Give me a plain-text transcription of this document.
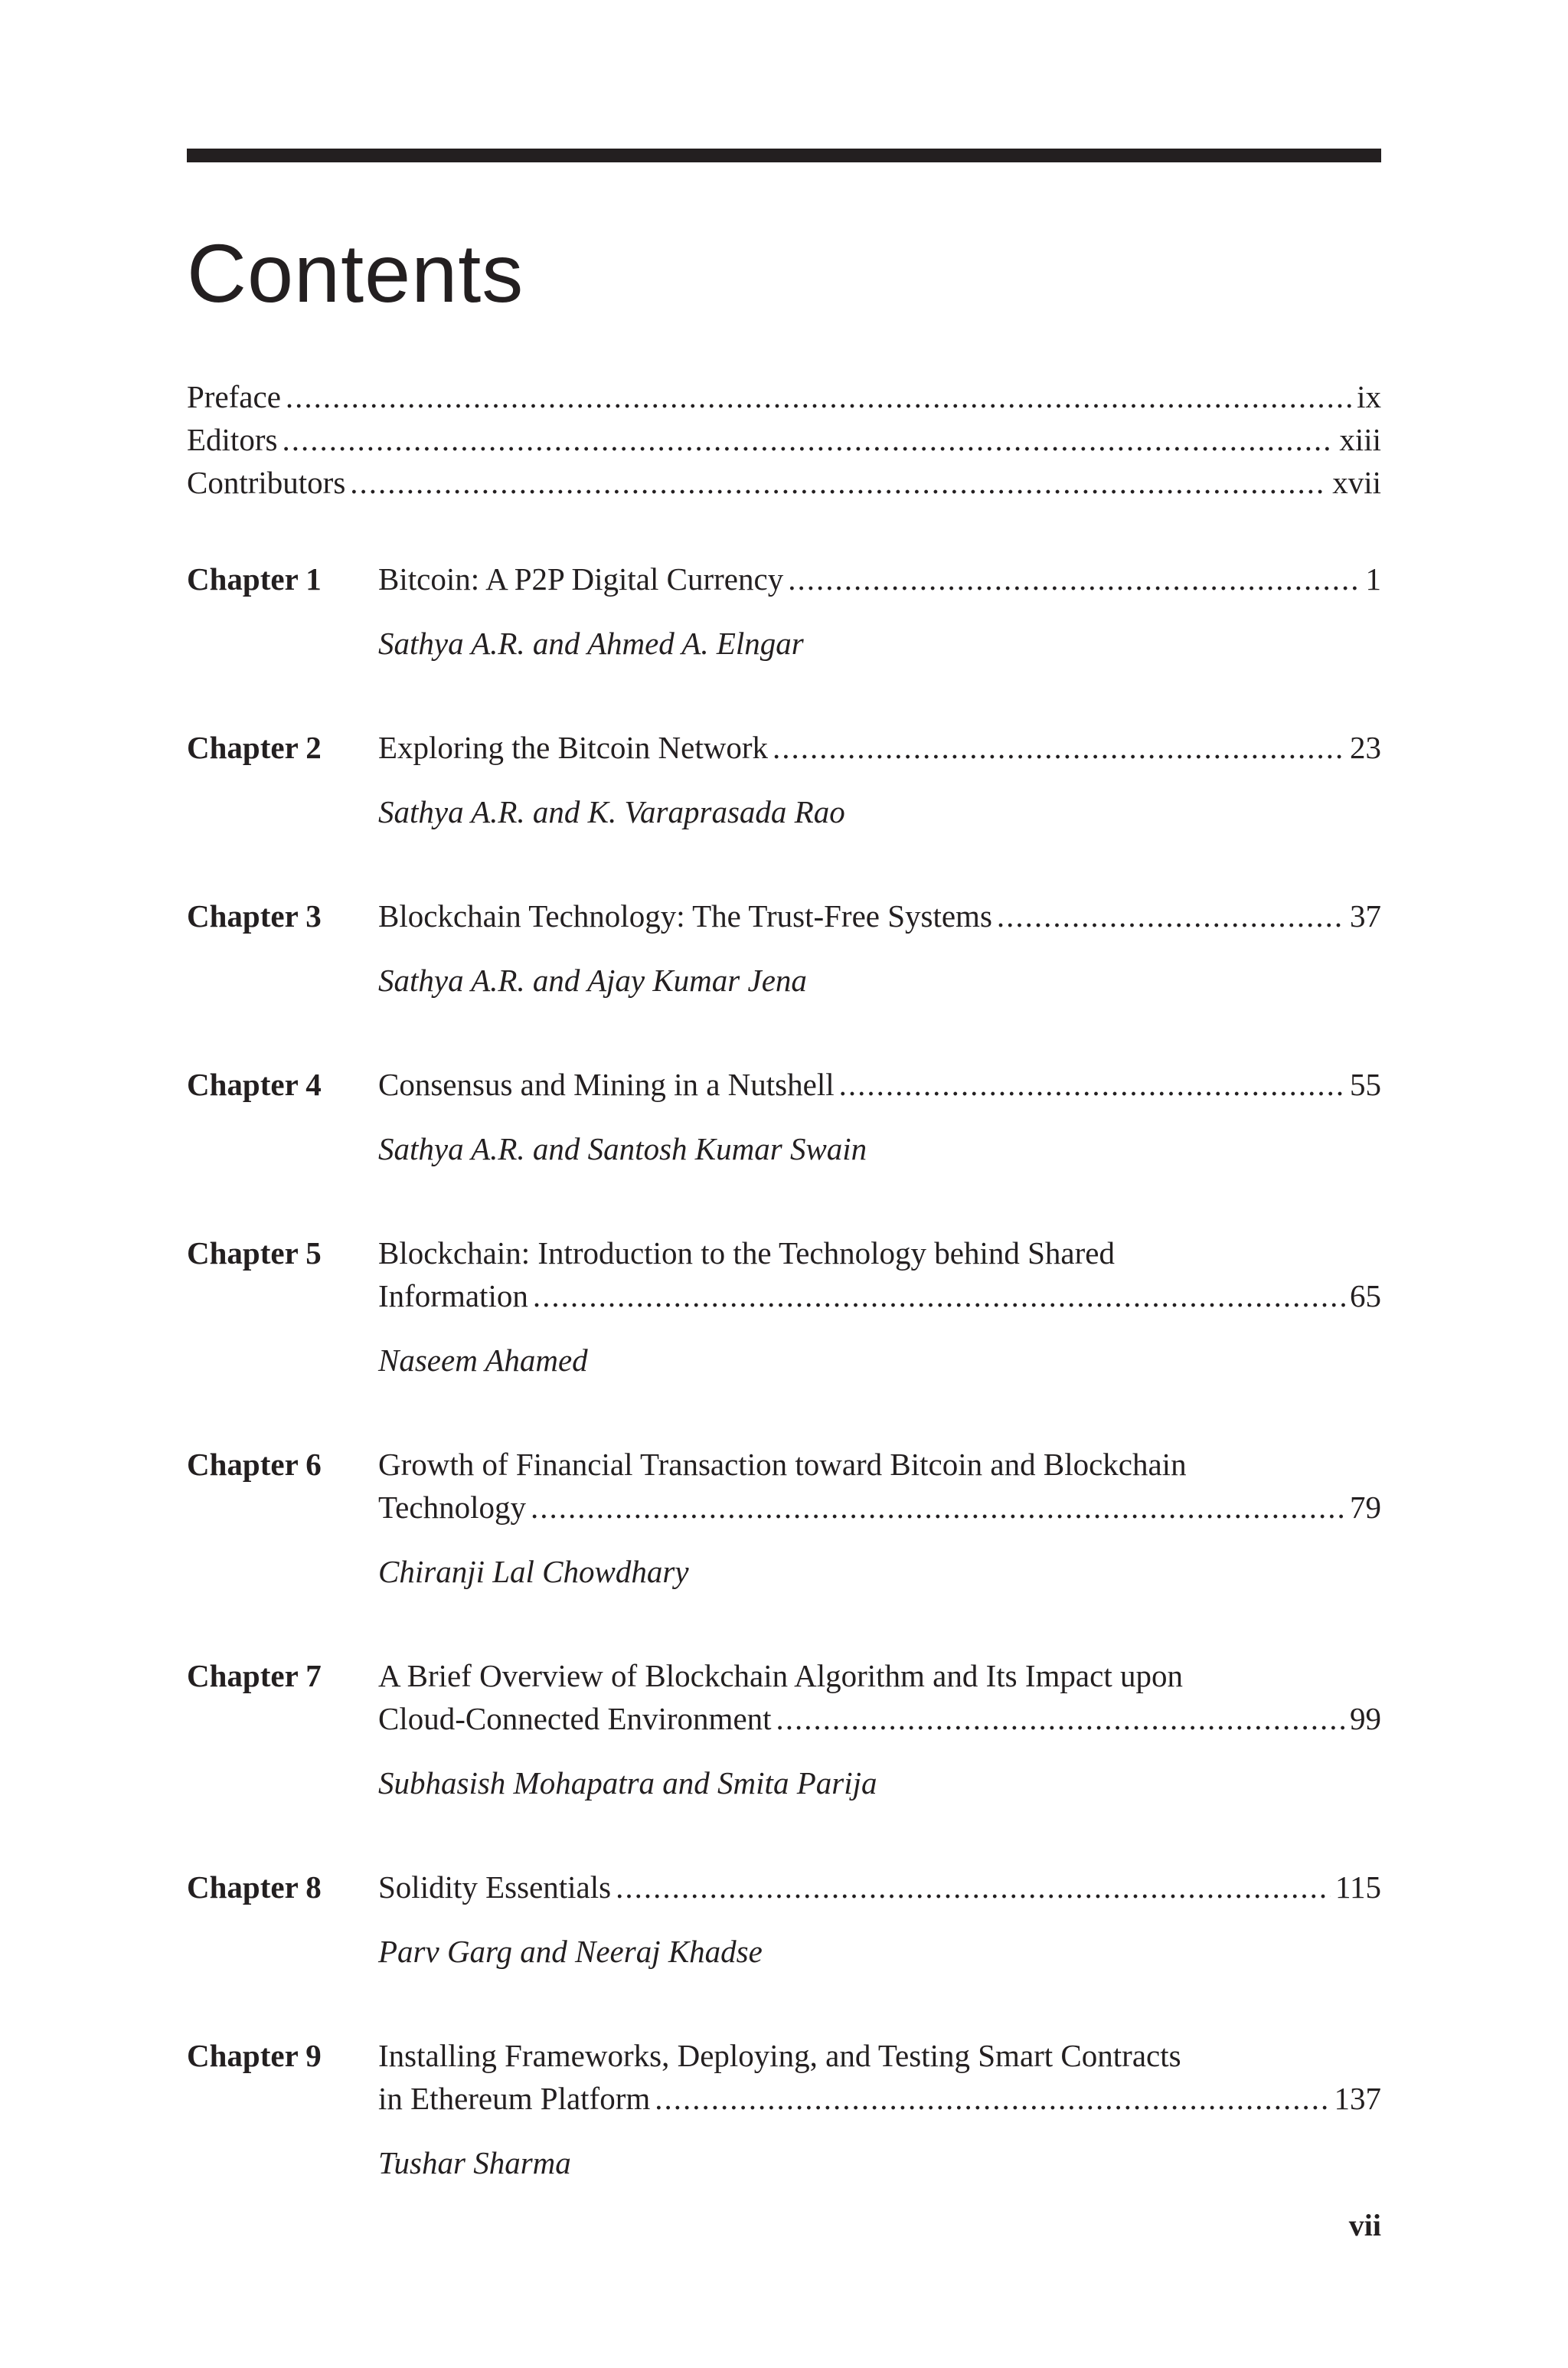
Contents
Preface .....	ix
Editors .....	xiii
Contributors .....	xvii
Chapter 1	Bitcoin: A P2P Digital Currency .....	1
Sathya A.R. and Ahmed A. Elngar
Chapter 2	Exploring the Bitcoin Network .....	23
Sathya A.R. and K. Varaprasada Rao
Chapter 3	Blockchain Technology: The Trust-Free Systems .....	37
Sathya A.R. and Ajay Kumar Jena
Chapter 4	Consensus and Mining in a Nutshell .....	55
Sathya A.R. and Santosh Kumar Swain
Chapter 5	Blockchain: Introduction to the Technology behind Shared
Information .....	65
Naseem Ahamed
Chapter 6	Growth of Financial Transaction toward Bitcoin and Blockchain
Technology .....	79
Chiranji Lal Chowdhary
Chapter 7	A Brief Overview of Blockchain Algorithm and Its Impact upon
Cloud-Connected Environment .....	99
Subhasish Mohapatra and Smita Parija
Chapter 8	Solidity Essentials .....	115
Parv Garg and Neeraj Khadse
Chapter 9	Installing Frameworks, Deploying, and Testing Smart Contracts
in Ethereum Platform .....	137
Tushar Sharma
vii
